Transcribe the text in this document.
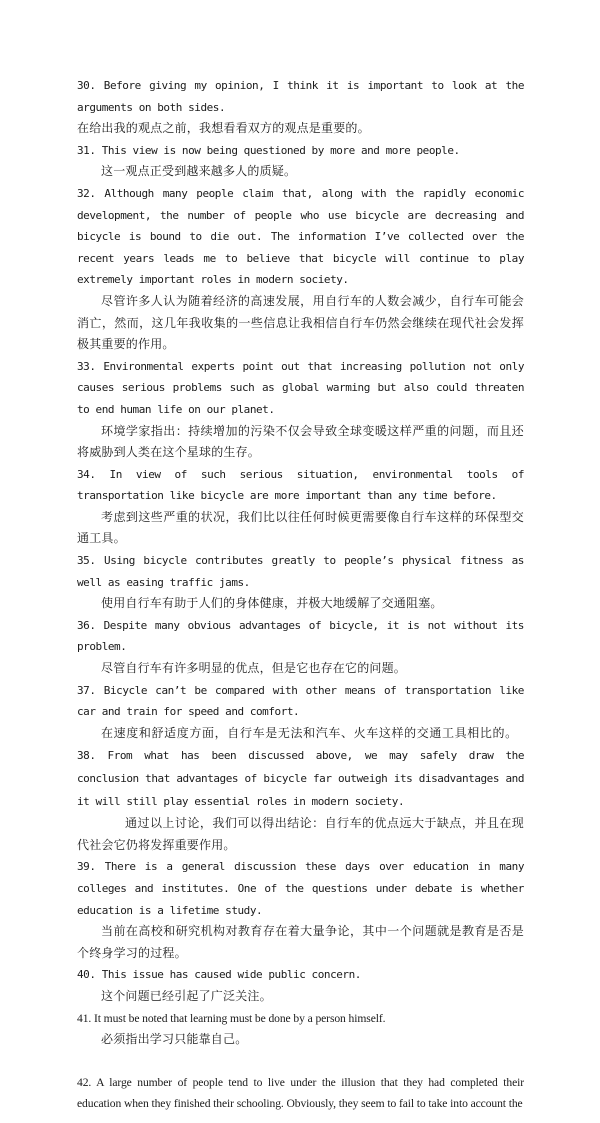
30. Before giving my opinion, I think it is important to look at the arguments on both sides.

在给出我的观点之前，我想看看双方的观点是重要的。

31. This view is now being questioned by more and more people.

这一观点正受到越来越多人的质疑。

32. Although many people claim that, along with the rapidly economic development, the number of people who use bicycle are decreasing and bicycle is bound to die out. The information I’ve collected over the recent years leads me to believe that bicycle will continue to play extremely important roles in modern society.

尽管许多人认为随着经济的高速发展，用自行车的人数会减少，自行车可能会消亡，然而，这几年我收集的一些信息让我相信自行车仍然会继续在现代社会发挥极其重要的作用。

33. Environmental experts point out that increasing pollution not only causes serious problems such as global warming but also could threaten to end human life on our planet.

环境学家指出：持续增加的污染不仅会导致全球变暖这样严重的问题，而且还将威胁到人类在这个星球的生存。

34. In view of such serious situation, environmental tools of transportation like bicycle are more important than any time before.

考虑到这些严重的状况，我们比以往任何时候更需要像自行车这样的环保型交通工具。

35. Using bicycle contributes greatly to people’s physical fitness as well as easing traffic jams.

使用自行车有助于人们的身体健康，并极大地缓解了交通阻塞。

36. Despite many obvious advantages of bicycle, it is not without its problem.

尽管自行车有许多明显的优点，但是它也存在它的问题。

37. Bicycle can’t be compared with other means of transportation like car and train for speed and comfort.

在速度和舒适度方面，自行车是无法和汽车、火车这样的交通工具相比的。   38. From what has been discussed above, we may safely draw the conclusion that advantages of bicycle far outweigh its disadvantages and it will still play essential roles in modern society.

通过以上讨论，我们可以得出结论：自行车的优点远大于缺点，并且在现代社会它仍将发挥重要作用。

39. There is a general discussion these days over education in many colleges and institutes. One of the questions under debate is whether education is a lifetime study.

当前在高校和研究机构对教育存在着大量争论，其中一个问题就是教育是否是个终身学习的过程。

40. This issue has caused wide public concern.

这个问题已经引起了广泛关注。

41. It must be noted that learning must be done by a person himself.

必须指出学习只能靠自己。

42. A large number of people tend to live under the illusion that they had completed their education when they finished their schooling. Obviously, they seem to fail to take into account the
